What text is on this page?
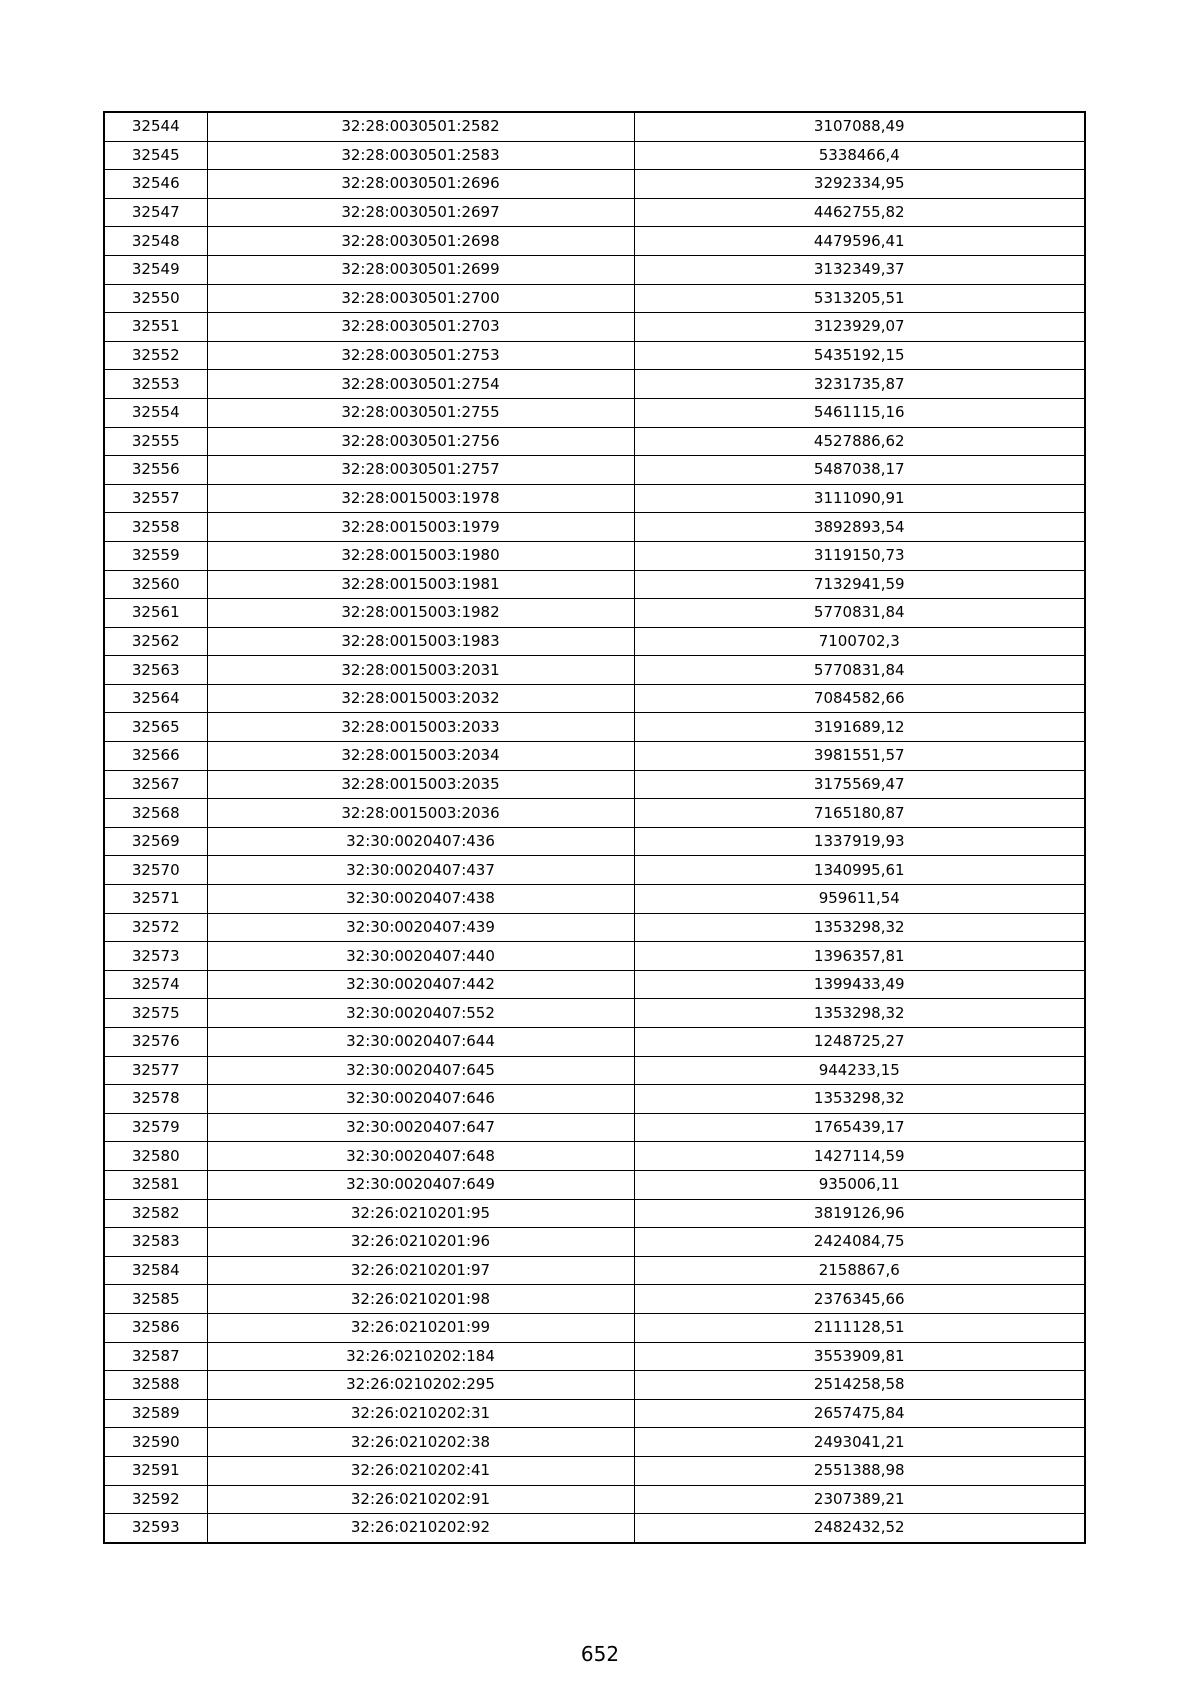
32544	32:28:0030501:2582	3107088,49
32545	32:28:0030501:2583	5338466,4
32546	32:28:0030501:2696	3292334,95
32547	32:28:0030501:2697	4462755,82
32548	32:28:0030501:2698	4479596,41
32549	32:28:0030501:2699	3132349,37
32550	32:28:0030501:2700	5313205,51
32551	32:28:0030501:2703	3123929,07
32552	32:28:0030501:2753	5435192,15
32553	32:28:0030501:2754	3231735,87
32554	32:28:0030501:2755	5461115,16
32555	32:28:0030501:2756	4527886,62
32556	32:28:0030501:2757	5487038,17
32557	32:28:0015003:1978	3111090,91
32558	32:28:0015003:1979	3892893,54
32559	32:28:0015003:1980	3119150,73
32560	32:28:0015003:1981	7132941,59
32561	32:28:0015003:1982	5770831,84
32562	32:28:0015003:1983	7100702,3
32563	32:28:0015003:2031	5770831,84
32564	32:28:0015003:2032	7084582,66
32565	32:28:0015003:2033	3191689,12
32566	32:28:0015003:2034	3981551,57
32567	32:28:0015003:2035	3175569,47
32568	32:28:0015003:2036	7165180,87
32569	32:30:0020407:436	1337919,93
32570	32:30:0020407:437	1340995,61
32571	32:30:0020407:438	959611,54
32572	32:30:0020407:439	1353298,32
32573	32:30:0020407:440	1396357,81
32574	32:30:0020407:442	1399433,49
32575	32:30:0020407:552	1353298,32
32576	32:30:0020407:644	1248725,27
32577	32:30:0020407:645	944233,15
32578	32:30:0020407:646	1353298,32
32579	32:30:0020407:647	1765439,17
32580	32:30:0020407:648	1427114,59
32581	32:30:0020407:649	935006,11
32582	32:26:0210201:95	3819126,96
32583	32:26:0210201:96	2424084,75
32584	32:26:0210201:97	2158867,6
32585	32:26:0210201:98	2376345,66
32586	32:26:0210201:99	2111128,51
32587	32:26:0210202:184	3553909,81
32588	32:26:0210202:295	2514258,58
32589	32:26:0210202:31	2657475,84
32590	32:26:0210202:38	2493041,21
32591	32:26:0210202:41	2551388,98
32592	32:26:0210202:91	2307389,21
32593	32:26:0210202:92	2482432,52
652
